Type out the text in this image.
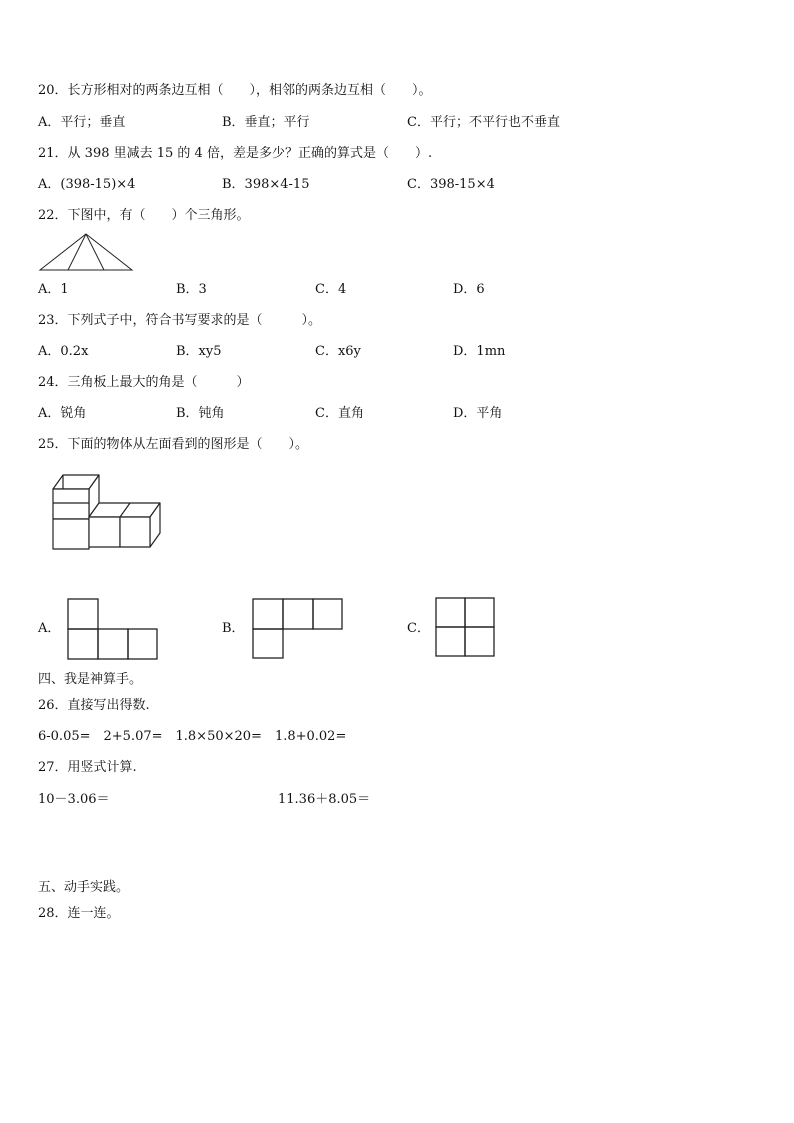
20．长方形相对的两条边互相（　　），相邻的两条边互相（　　）。
A．平行；垂直	B．垂直；平行	C．平行；不平行也不垂直
21．从 398 里减去 15 的 4 倍，差是多少？正确的算式是（　　）.
A．(398-15)×4	B．398×4-15	C．398-15×4
22．下图中，有（　　）个三角形。
A．1	B．3	C．4	D．6
23．下列式子中，符合书写要求的是（　　　）。
A．0.2x	B．xy5	C．x6y	D．1mn
24．三角板上最大的角是（　　　）
A．锐角	B．钝角	C．直角	D．平角
25．下面的物体从左面看到的图形是（　　）。
A．	B．	C．
四、我是神算手。
26．直接写出得数.
6-0.05=　2+5.07=　1.8×50×20=　1.8+0.02=
27．用竖式计算.
10－3.06＝	11.36＋8.05＝
五、动手实践。
28．连一连。
